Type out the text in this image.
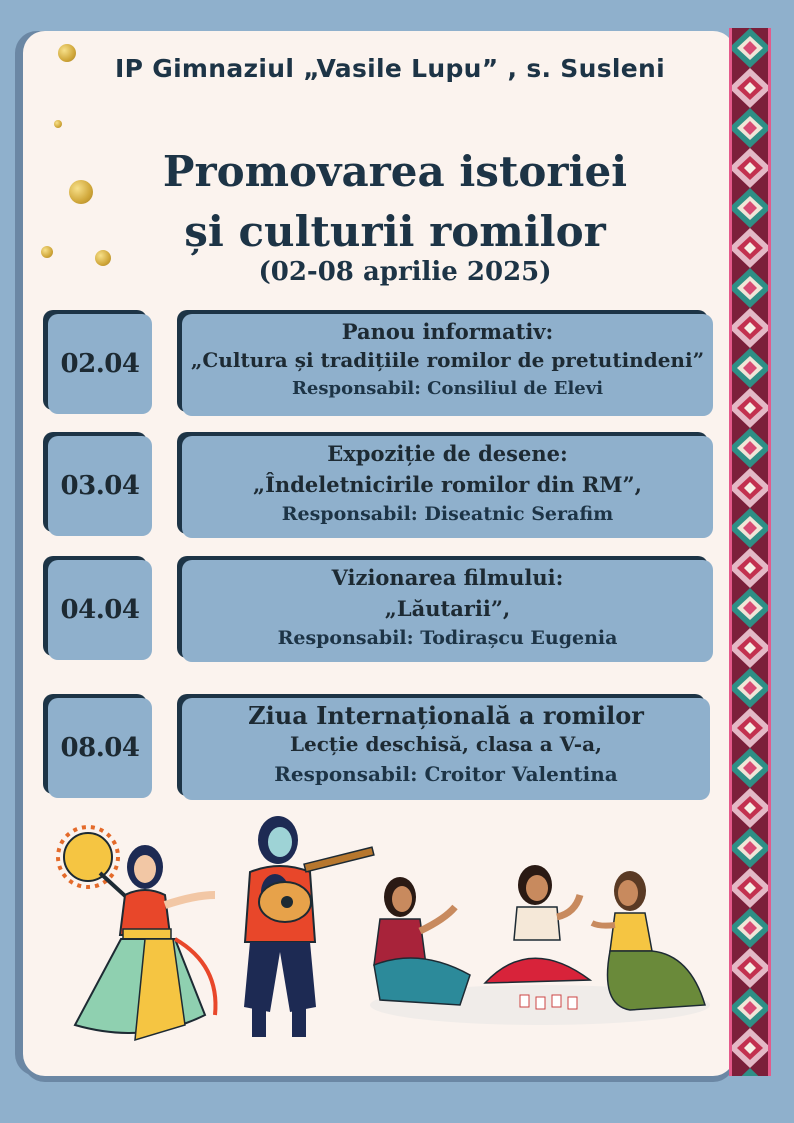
IP Gimnaziul „Vasile Lupu” , s. Susleni
Promovarea istoriei
și culturii romilor
(02-08 aprilie 2025)
02.04
Panou informativ:
„Cultura și tradițiile romilor de pretutindeni”
Responsabil: Consiliul de Elevi
03.04
Expoziție de desene:
„Îndeletnicirile romilor din RM”,
Responsabil: Diseatnic Serafim
04.04
Vizionarea filmului:
„Lăutarii”,
Responsabil: Todirașcu Eugenia
08.04
Ziua Internațională a romilor
Lecție deschisă, clasa a V-a,
Responsabil: Croitor Valentina
